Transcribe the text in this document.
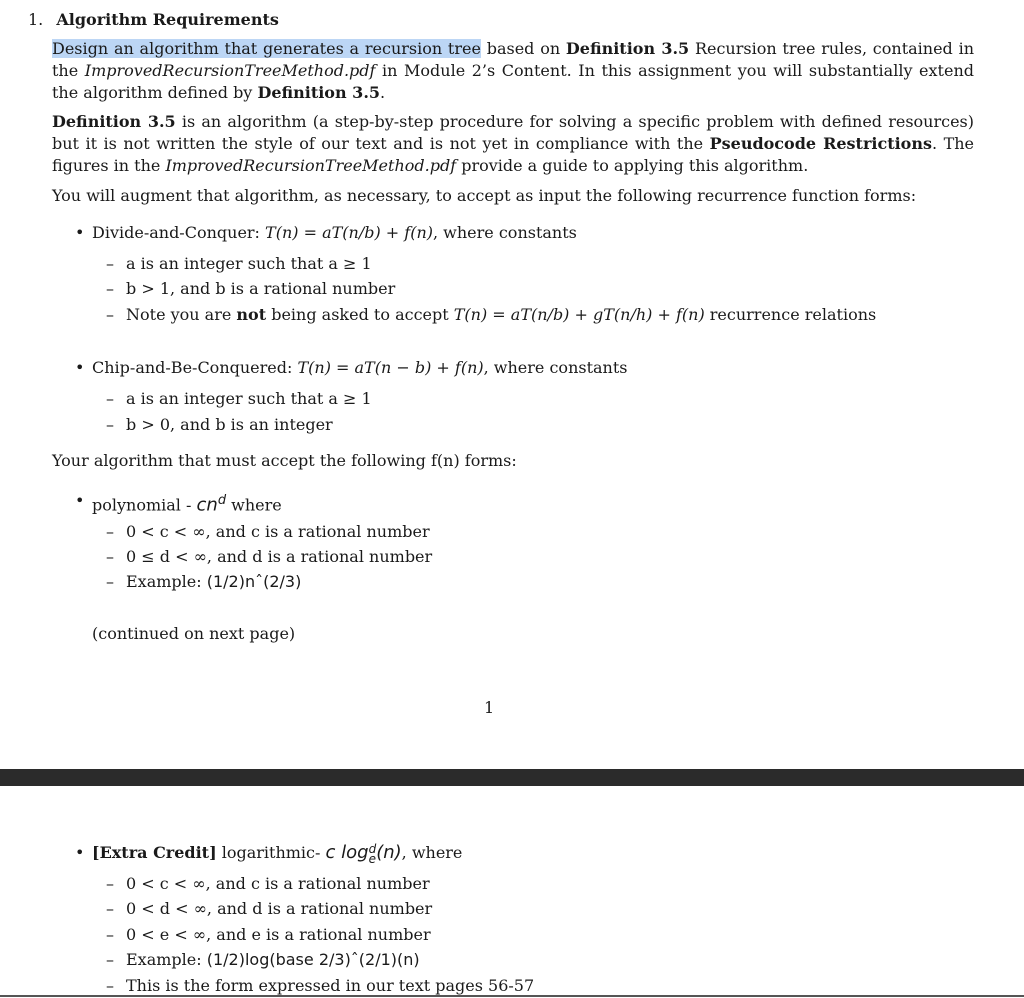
1. Algorithm Requirements
Design an algorithm that generates a recursion tree based on Definition 3.5 Recursion tree rules, contained in the ImprovedRecursionTreeMethod.pdf in Module 2’s Content. In this assignment you will substantially extend the algorithm defined by Definition 3.5.
Definition 3.5 is an algorithm (a step-by-step procedure for solving a specific problem with defined resources) but it is not written the style of our text and is not yet in compliance with the Pseudocode Restrictions. The figures in the ImprovedRecursionTreeMethod.pdf provide a guide to applying this algorithm.
You will augment that algorithm, as necessary, to accept as input the following recurrence function forms:
• Divide-and-Conquer: T(n) = aT(n/b) + f(n), where constants
– a is an integer such that a ≥ 1
– b > 1, and b is a rational number
– Note you are not being asked to accept T(n) = aT(n/b) + gT(n/h) + f(n) recurrence relations
• Chip-and-Be-Conquered: T(n) = aT(n − b) + f(n), where constants
– a is an integer such that a ≥ 1
– b > 0, and b is an integer
Your algorithm that must accept the following f(n) forms:
• polynomial - $cn^d$ where
– 0 < c < ∞, and c is a rational number
– 0 ≤ d < ∞, and d is a rational number
– Example: (1/2)nˆ(2/3)
(continued on next page)
1
• [Extra Credit] logarithmic- c log d
e (n), where
– 0 < c < ∞, and c is a rational number
– 0 < d < ∞, and d is a rational number
– 0 < e < ∞, and e is a rational number
– Example: (1/2)log(base 2/3)ˆ(2/1)(n)
– This is the form expressed in our text pages 56-57
